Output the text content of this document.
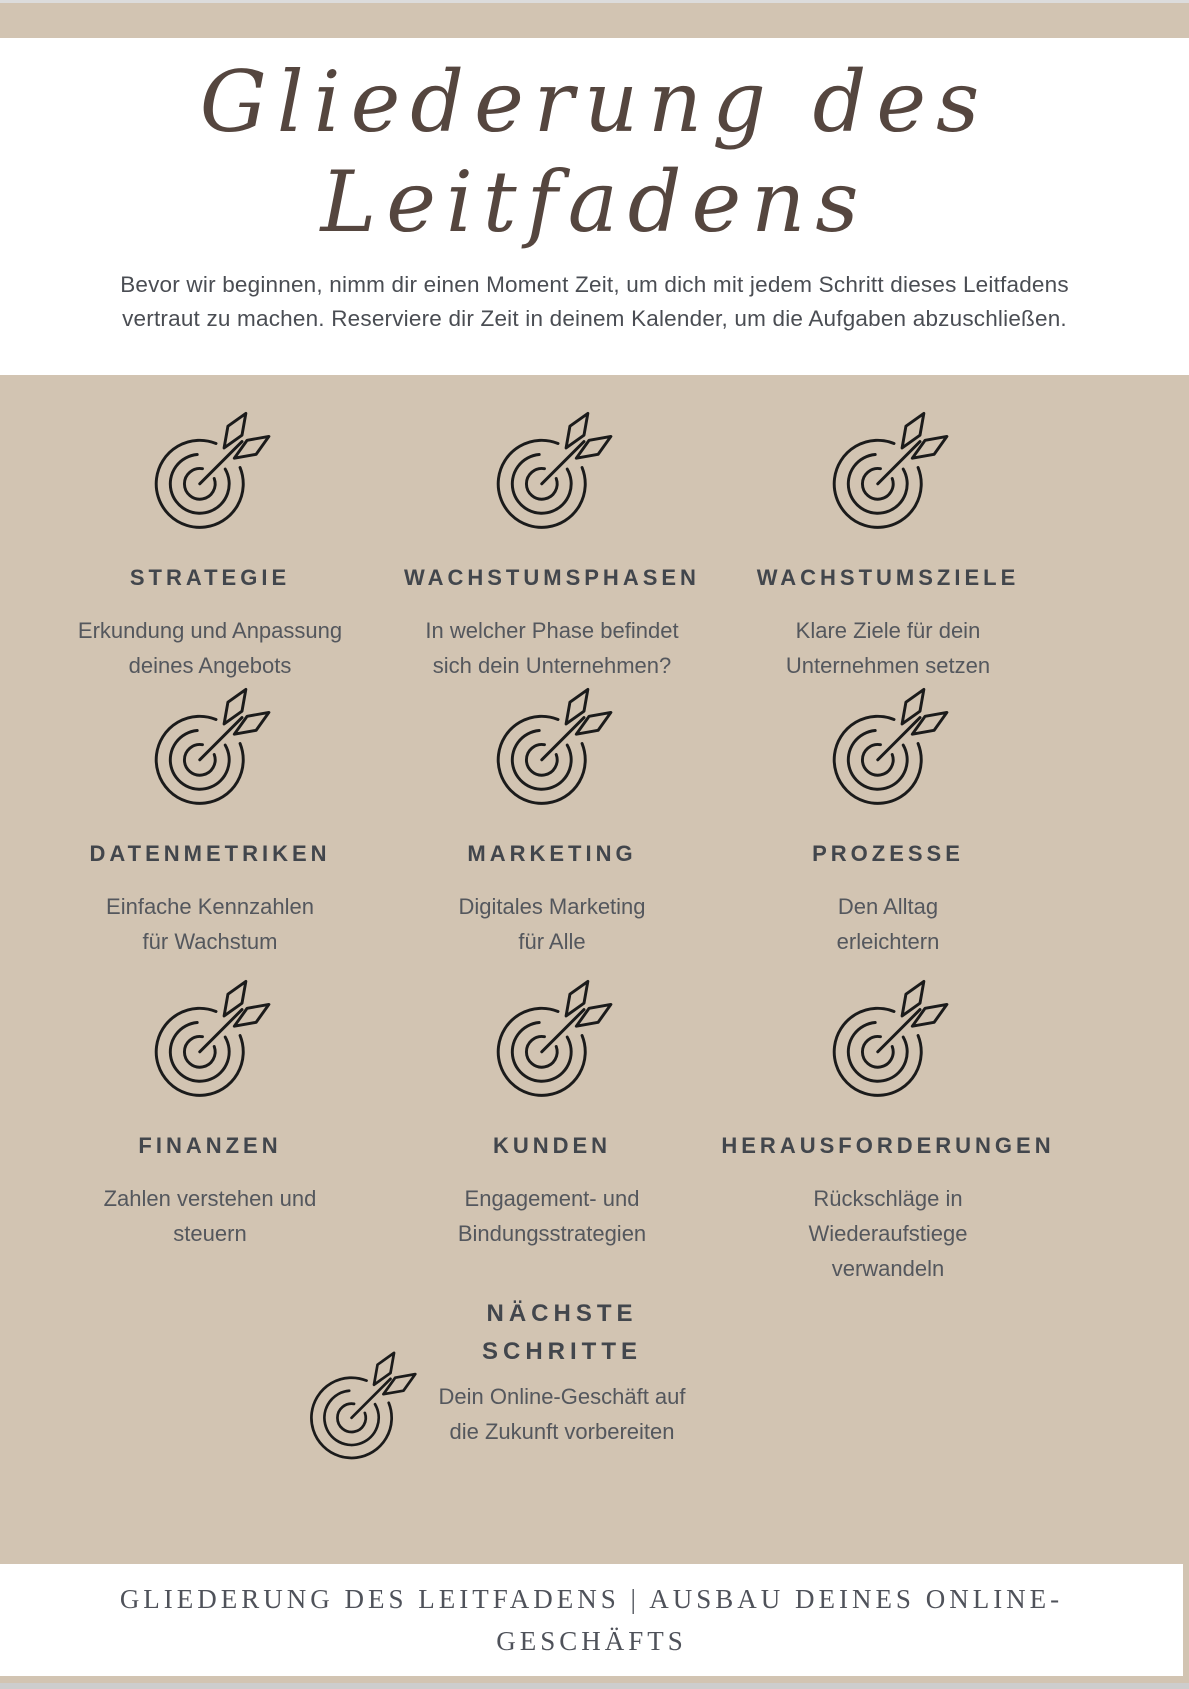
Gliederung des
Leitfadens
Bevor wir beginnen, nimm dir einen Moment Zeit, um dich mit jedem Schritt dieses Leitfadens
vertraut zu machen. Reserviere dir Zeit in deinem Kalender, um die Aufgaben abzuschließen.
STRATEGIE

Erkundung und Anpassung
deines Angebots

WACHSTUMSPHASEN

In welcher Phase befindet
sich dein Unternehmen?

WACHSTUMSZIELE

Klare Ziele für dein
Unternehmen setzen

DATENMETRIKEN

Einfache Kennzahlen
für Wachstum

MARKETING

Digitales Marketing
für Alle

PROZESSE

Den Alltag
erleichtern

FINANZEN

Zahlen verstehen und
steuern

KUNDEN

Engagement- und
Bindungsstrategien

HERAUSFORDERUNGEN

Rückschläge in
Wiederaufstiege
verwandeln

NÄCHSTE
SCHRITTE

Dein Online-Geschäft auf
die Zukunft vorbereiten

GLIEDERUNG DES LEITFADENS | AUSBAU DEINES ONLINE-
GESCHÄFTS
